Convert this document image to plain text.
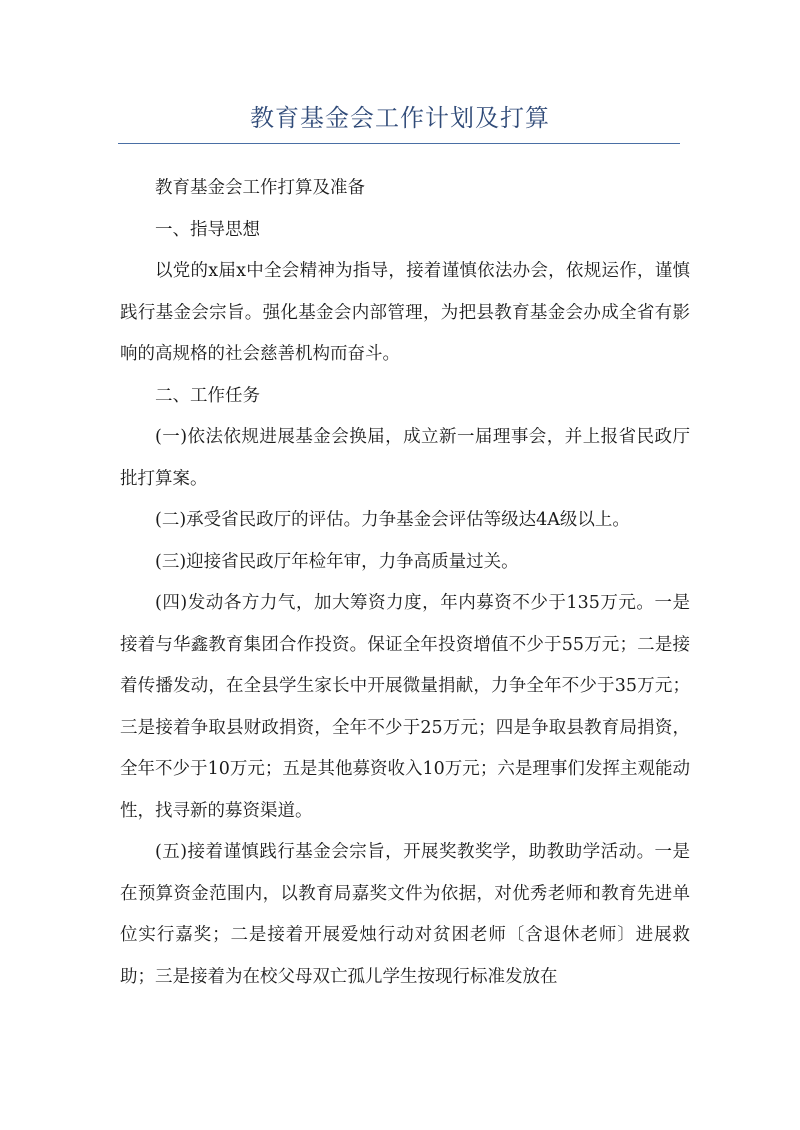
教育基金会工作计划及打算

教育基金会工作打算及准备

一、指导思想

以党的x届x中全会精神为指导，接着谨慎依法办会，依规运作，谨慎践行基金会宗旨。强化基金会内部管理，为把县教育基金会办成全省有影响的高规格的社会慈善机构而奋斗。

二、工作任务

(一)依法依规进展基金会换届，成立新一届理事会，并上报省民政厅批打算案。

(二)承受省民政厅的评估。力争基金会评估等级达4A级以上。

(三)迎接省民政厅年检年审，力争高质量过关。

(四)发动各方力气，加大筹资力度，年内募资不少于135万元。一是接着与华鑫教育集团合作投资。保证全年投资增值不少于55万元；二是接着传播发动，在全县学生家长中开展微量捐献，力争全年不少于35万元；三是接着争取县财政捐资，全年不少于25万元；四是争取县教育局捐资，全年不少于10万元；五是其他募资收入10万元；六是理事们发挥主观能动性，找寻新的募资渠道。

(五)接着谨慎践行基金会宗旨，开展奖教奖学，助教助学活动。一是在预算资金范围内，以教育局嘉奖文件为依据，对优秀老师和教育先进单位实行嘉奖；二是接着开展爱烛行动对贫困老师〔含退休老师〕进展救助；三是接着为在校父母双亡孤儿学生按现行标准发放在
